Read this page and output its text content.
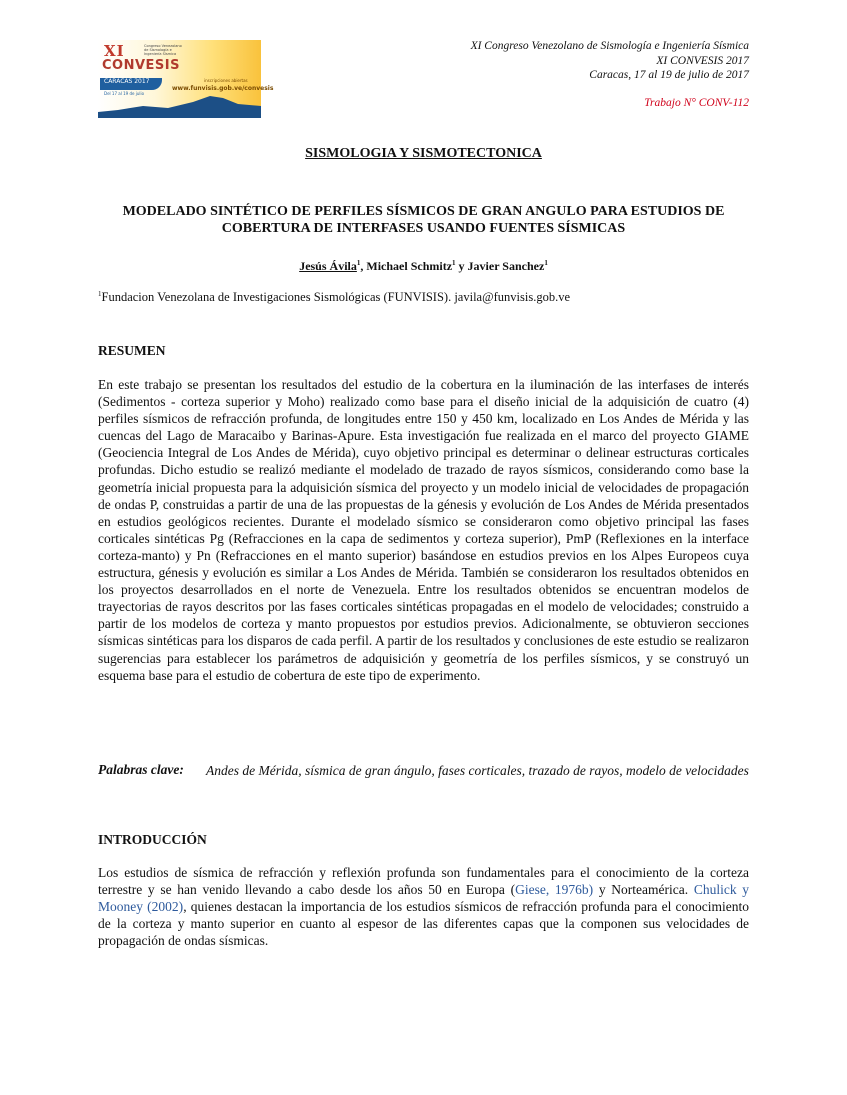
XI	Congreso Venezolano de Sismología e Ingeniería Sísmica
CONVESIS
CARACAS 2017
Del 17 al 19 de julio
inscripciones abiertas
www.funvisis.gob.ve/convesis
XI Congreso Venezolano de Sismología e Ingeniería Sísmica
XI CONVESIS 2017
Caracas, 17 al 19 de julio de 2017
Trabajo N° CONV-112
SISMOLOGIA Y SISMOTECTONICA
MODELADO SINTÉTICO DE PERFILES SÍSMICOS DE GRAN ANGULO PARA ESTUDIOS DE COBERTURA DE INTERFASES USANDO FUENTES SÍSMICAS
Jesús Ávila$^1$, Michael Schmitz$^1$ y Javier Sanchez$^1$
$^1$Fundacion Venezolana de Investigaciones Sismológicas (FUNVISIS). javila@funvisis.gob.ve
RESUMEN
En este trabajo se presentan los resultados del estudio de la cobertura en la iluminación de las interfases de interés (Sedimentos - corteza superior y Moho) realizado como base para el diseño inicial de la adquisición de cuatro (4) perfiles sísmicos de refracción profunda, de longitudes entre 150 y 450 km, localizado en Los Andes de Mérida y las cuencas del Lago de Maracaibo y Barinas-Apure. Esta investigación fue realizada en el marco del proyecto GIAME (Geociencia Integral de Los Andes de Mérida), cuyo objetivo principal es determinar o delinear estructuras corticales profundas. Dicho estudio se realizó mediante el modelado de trazado de rayos sísmicos, considerando como base la geometría inicial propuesta para la adquisición sísmica del proyecto y un modelo inicial de velocidades de propagación de ondas P, construidas a partir de una de las propuestas de la génesis y evolución de Los Andes de Mérida presentados en estudios geológicos recientes. Durante el modelado sísmico se consideraron como objetivo principal las fases corticales sintéticas Pg (Refracciones en la capa de sedimentos y corteza superior), PmP (Reflexiones en la interface corteza-manto) y Pn (Refracciones en el manto superior) basándose en estudios previos en los Alpes Europeos cuya estructura, génesis y evolución es similar a Los Andes de Mérida. También se consideraron los resultados obtenidos en los proyectos desarrollados en el norte de Venezuela. Entre los resultados obtenidos se encuentran modelos de trayectorias de rayos descritos por las fases corticales sintéticas propagadas en el modelo de velocidades; construido a partir de los modelos de corteza y manto propuestos por estudios previos. Adicionalmente, se obtuvieron secciones sísmicas sintéticas para los disparos de cada perfil. A partir de los resultados y conclusiones de este estudio se realizaron sugerencias para establecer los parámetros de adquisición y geometría de los perfiles sísmicos, y se construyó un esquema base para el estudio de cobertura de este tipo de experimento.
Palabras clave: Andes de Mérida, sísmica de gran ángulo, fases corticales, trazado de rayos, modelo de velocidades
INTRODUCCIÓN
Los estudios de sísmica de refracción y reflexión profunda son fundamentales para el conocimiento de la corteza terrestre y se han venido llevando a cabo desde los años 50 en Europa (Giese, 1976b) y Norteamérica. Chulick y Mooney (2002), quienes destacan la importancia de los estudios sísmicos de refracción profunda para el conocimiento de la corteza y manto superior en cuanto al espesor de las diferentes capas que la componen sus velocidades de propagación de ondas sísmicas.
